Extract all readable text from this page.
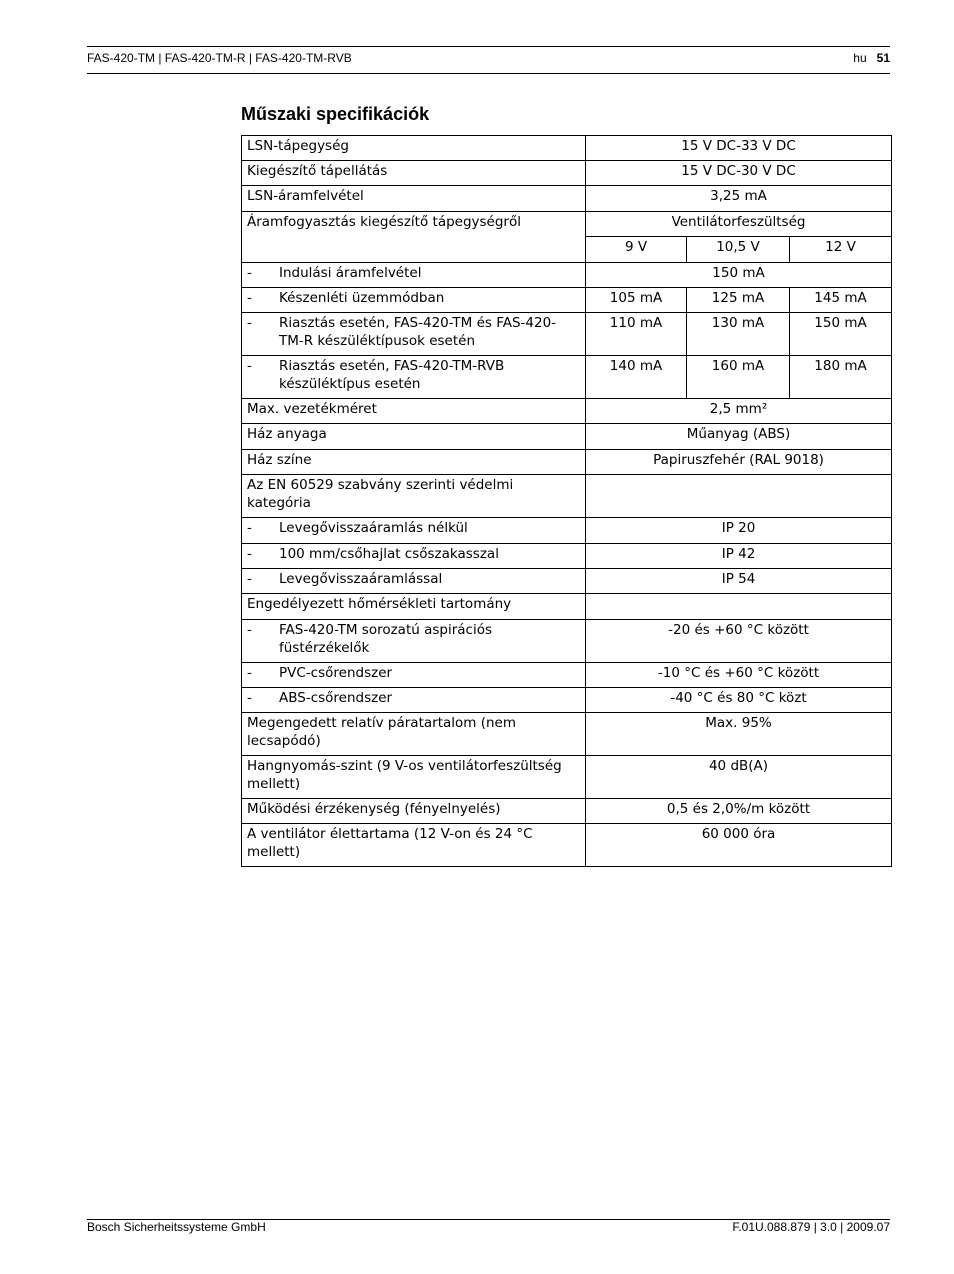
FAS-420-TM | FAS-420-TM-R | FAS-420-TM-RVB	hu 51
Műszaki specifikációk
LSN-tápegység	15 V DC-33 V DC		
Kiegészítő tápellátás	15 V DC-30 V DC		
LSN-áramfelvétel	3,25 mA		
Áramfogyasztás kiegészítő tápegységről	Ventilátorfeszültség		
	9 V	10,5 V	12 V
- Indulási áramfelvétel	150 mA		
- Készenléti üzemmódban	105 mA	125 mA	145 mA
- Riasztás esetén, FAS-420-TM és FAS-420-TM-R készüléktípusok esetén	110 mA	130 mA	150 mA
- Riasztás esetén, FAS-420-TM-RVB készüléktípus esetén	140 mA	160 mA	180 mA
Max. vezetékméret	2,5 mm²		
Ház anyaga	Műanyag (ABS)		
Ház színe	Papiruszfehér (RAL 9018)		
Az EN 60529 szabvány szerinti védelmi kategória			
- Levegővisszaáramlás nélkül	IP 20		
- 100 mm/csőhajlat csőszakasszal	IP 42		
- Levegővisszaáramlással	IP 54		
Engedélyezett hőmérsékleti tartomány			
- FAS-420-TM sorozatú aspirációs füstérzékelők	-20 és +60 °C között		
- PVC-csőrendszer	-10 °C és +60 °C között		
- ABS-csőrendszer	-40 °C és 80 °C közt		
Megengedett relatív páratartalom (nem lecsapódó)	Max. 95%		
Hangnyomás-szint (9 V-os ventilátorfeszültség mellett)	40 dB(A)		
Működési érzékenység (fényelnyelés)	0,5 és 2,0%/m között		
A ventilátor élettartama (12 V-on és 24 °C mellett)	60 000 óra		
Bosch Sicherheitssysteme GmbH	F.01U.088.879 | 3.0 | 2009.07
